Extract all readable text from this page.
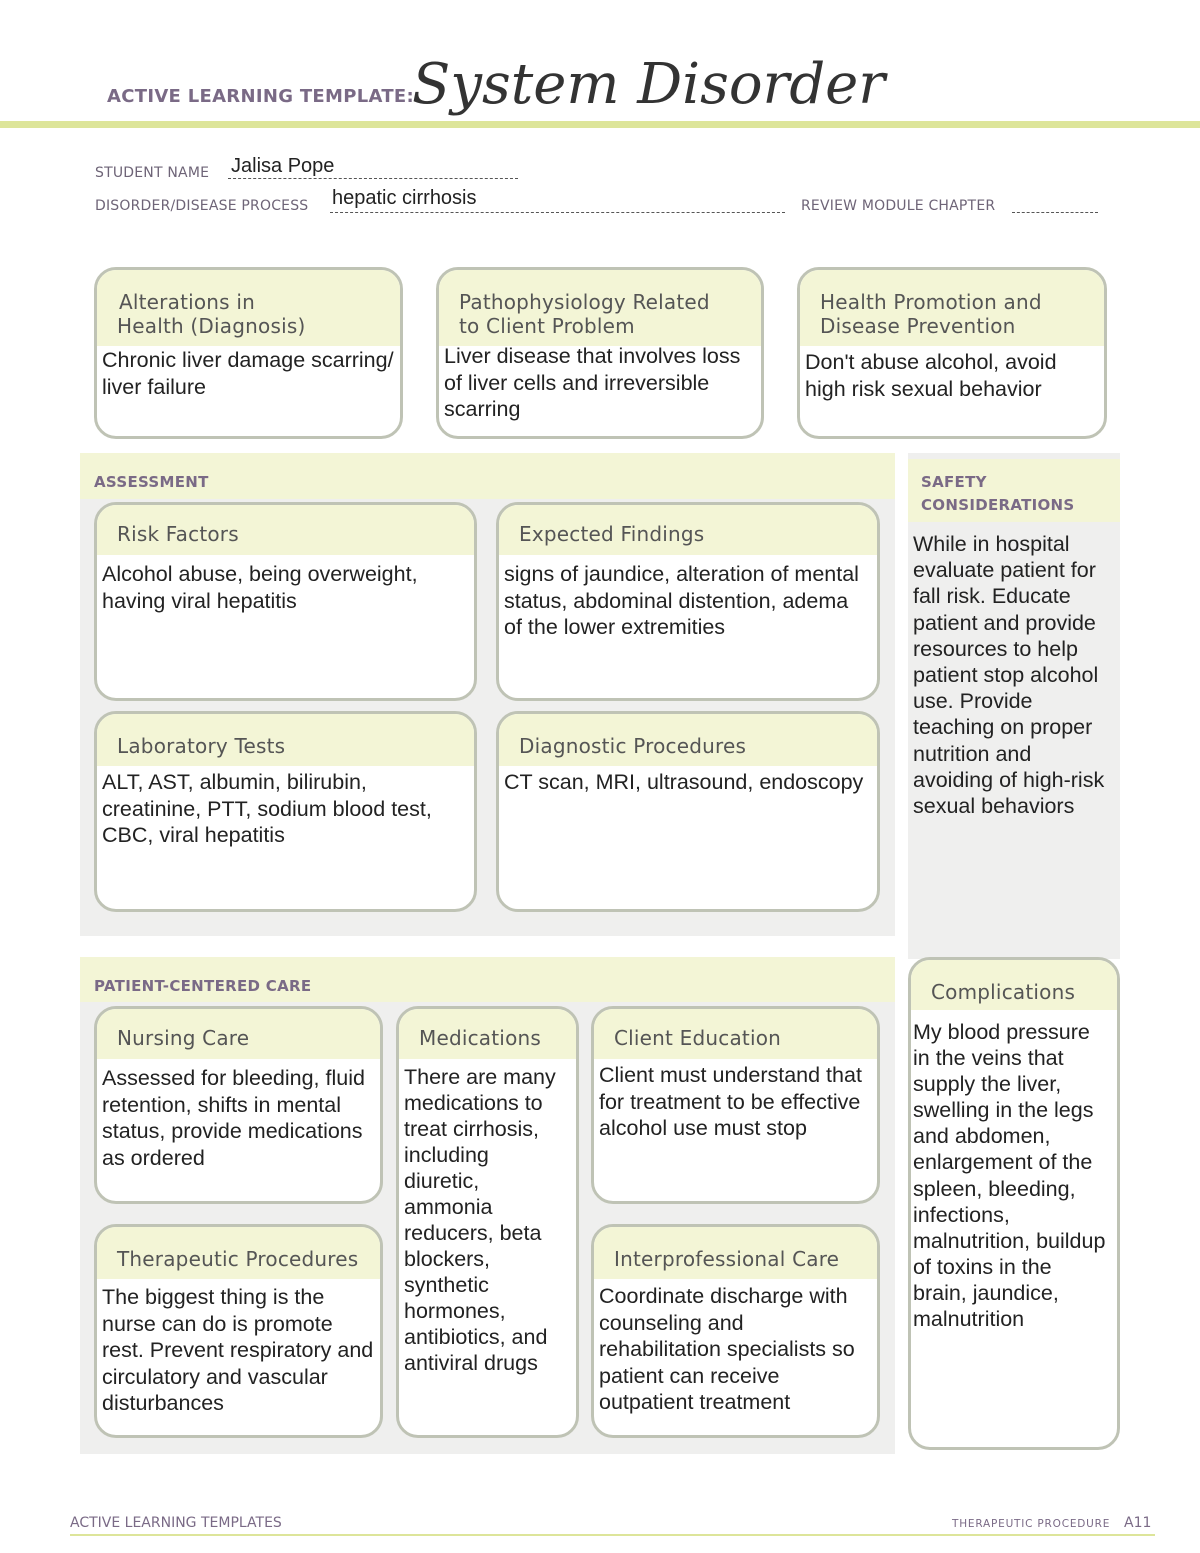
ACTIVE LEARNING TEMPLATE:
System Disorder
STUDENT NAME Jalisa Pope
DISORDER/DISEASE PROCESS hepatic cirrhosis	REVIEW MODULE CHAPTER
Alterations in
Health (Diagnosis)
Chronic liver damage scarring/ liver failure
Pathophysiology Related
to Client Problem
Liver disease that involves loss of liver cells and irreversible scarring
Health Promotion and
Disease Prevention
Don't abuse alcohol, avoid high risk sexual behavior
ASSESSMENT
Risk Factors
Alcohol abuse, being overweight, having viral hepatitis
Expected Findings
signs of jaundice, alteration of mental status, abdominal distention, adema of the lower extremities
Laboratory Tests
ALT, AST, albumin, bilirubin, creatinine, PTT, sodium blood test, CBC, viral hepatitis
Diagnostic Procedures
CT scan, MRI, ultrasound, endoscopy
SAFETY
CONSIDERATIONS
While in hospital evaluate patient for fall risk. Educate patient and provide resources to help patient stop alcohol use. Provide teaching on proper nutrition and avoiding of high-risk sexual behaviors
PATIENT-CENTERED CARE
Nursing Care
Assessed for bleeding, fluid retention, shifts in mental status, provide medications as ordered
Medications
There are many medications to treat cirrhosis, including diuretic, ammonia reducers, beta blockers, synthetic hormones, antibiotics, and antiviral drugs
Client Education
Client must understand that for treatment to be effective alcohol use must stop
Therapeutic Procedures
The biggest thing is the nurse can do is promote rest. Prevent respiratory and circulatory and vascular disturbances
Interprofessional Care
Coordinate discharge with counseling and rehabilitation specialists so patient can receive outpatient treatment
Complications
My blood pressure in the veins that supply the liver, swelling in the legs and abdomen, enlargement of the spleen, bleeding, infections, malnutrition, buildup of toxins in the brain, jaundice, malnutrition
ACTIVE LEARNING TEMPLATES	THERAPEUTIC PROCEDURE A11
